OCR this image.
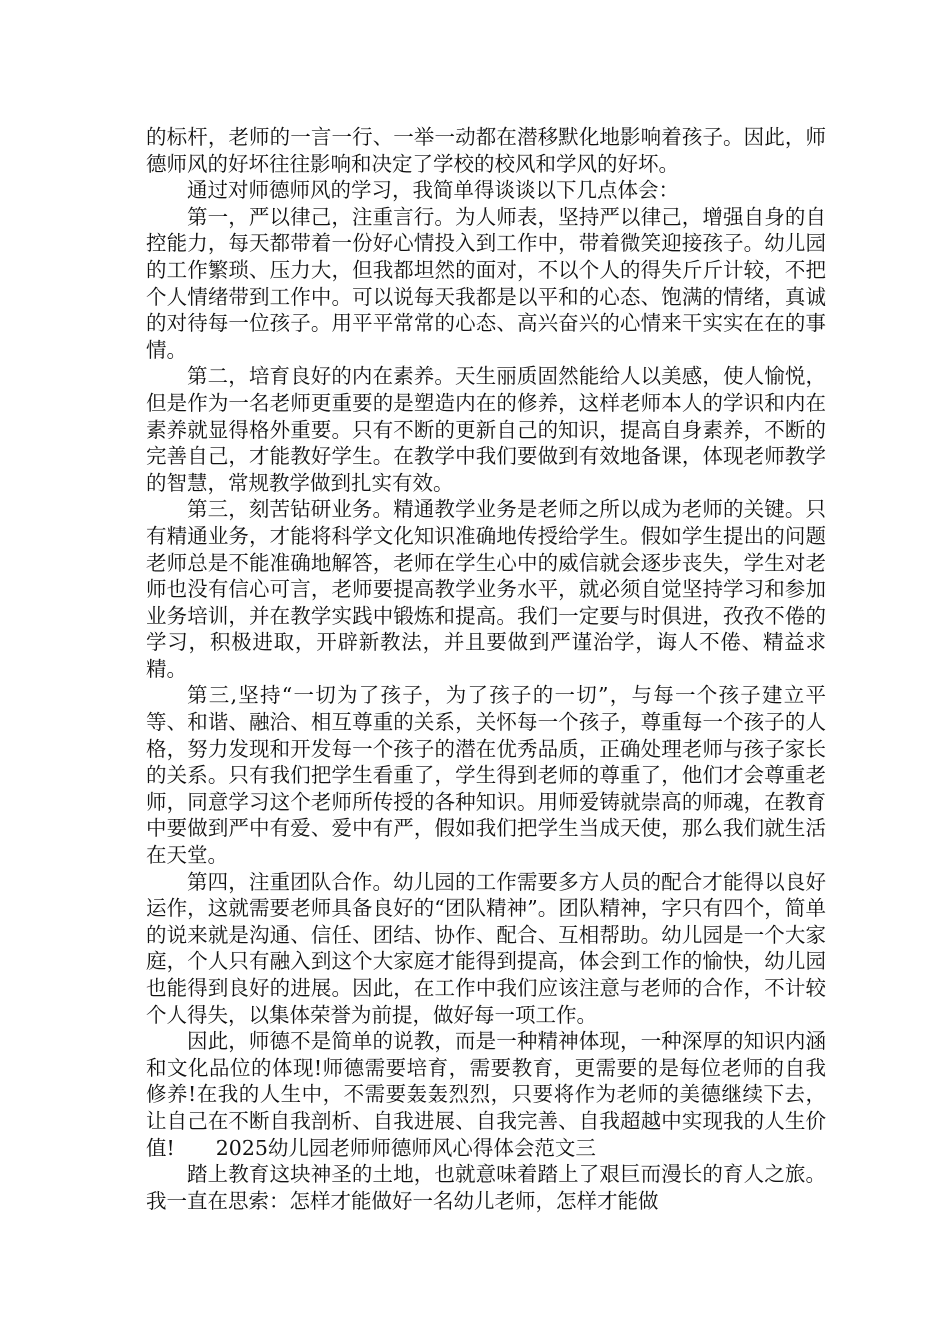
的标杆，老师的一言一行、一举一动都在潜移默化地影响着孩子。因此，师德师风的好坏往往影响和决定了学校的校风和学风的好坏。

通过对师德师风的学习，我简单得谈谈以下几点体会：

第一，严以律己，注重言行。为人师表，坚持严以律己，增强自身的自控能力，每天都带着一份好心情投入到工作中，带着微笑迎接孩子。幼儿园的工作繁琐、压力大，但我都坦然的面对，不以个人的得失斤斤计较，不把个人情绪带到工作中。可以说每天我都是以平和的心态、饱满的情绪，真诚的对待每一位孩子。用平平常常的心态、高兴奋兴的心情来干实实在在的事情。

第二，培育良好的内在素养。天生丽质固然能给人以美感，使人愉悦，但是作为一名老师更重要的是塑造内在的修养，这样老师本人的学识和内在素养就显得格外重要。只有不断的更新自己的知识，提高自身素养，不断的完善自己，才能教好学生。在教学中我们要做到有效地备课，体现老师教学的智慧，常规教学做到扎实有效。

第三，刻苦钻研业务。精通教学业务是老师之所以成为老师的关键。只有精通业务，才能将科学文化知识准确地传授给学生。假如学生提出的问题老师总是不能准确地解答，老师在学生心中的威信就会逐步丧失，学生对老师也没有信心可言，老师要提高教学业务水平，就必须自觉坚持学习和参加业务培训，并在教学实践中锻炼和提高。我们一定要与时俱进，孜孜不倦的学习，积极进取，开辟新教法，并且要做到严谨治学，诲人不倦、精益求精。

第三,坚持“一切为了孩子，为了孩子的一切”，与每一个孩子建立平等、和谐、融洽、相互尊重的关系，关怀每一个孩子，尊重每一个孩子的人格，努力发现和开发每一个孩子的潜在优秀品质，正确处理老师与孩子家长的关系。只有我们把学生看重了，学生得到老师的尊重了，他们才会尊重老师，同意学习这个老师所传授的各种知识。用师爱铸就崇高的师魂，在教育中要做到严中有爱、爱中有严，假如我们把学生当成天使，那么我们就生活在天堂。

第四，注重团队合作。幼儿园的工作需要多方人员的配合才能得以良好运作，这就需要老师具备良好的“团队精神”。团队精神，字只有四个，简单的说来就是沟通、信任、团结、协作、配合、互相帮助。幼儿园是一个大家庭，个人只有融入到这个大家庭才能得到提高，体会到工作的愉快，幼儿园也能得到良好的进展。因此，在工作中我们应该注意与老师的合作，不计较个人得失，以集体荣誉为前提，做好每一项工作。

因此，师德不是简单的说教，而是一种精神体现，一种深厚的知识内涵和文化品位的体现!师德需要培育，需要教育，更需要的是每位老师的自我修养!在我的人生中，不需要轰轰烈烈，只要将作为老师的美德继续下去，让自己在不断自我剖析、自我进展、自我完善、自我超越中实现我的人生价值!　　2025幼儿园老师师德师风心得体会范文三

踏上教育这块神圣的土地，也就意味着踏上了艰巨而漫长的育人之旅。我一直在思索：怎样才能做好一名幼儿老师，怎样才能做
